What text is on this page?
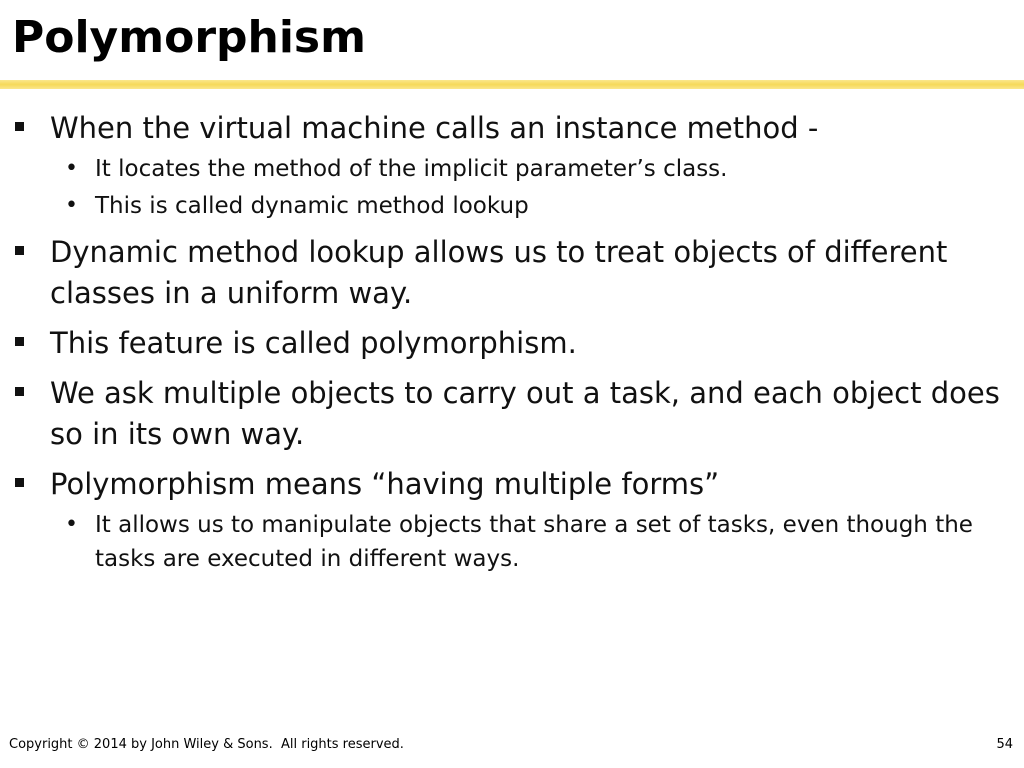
Polymorphism
When the virtual machine calls an instance method -
• It locates the method of the implicit parameter’s class.
• This is called dynamic method lookup
Dynamic method lookup allows us to treat objects of different classes in a uniform way.
This feature is called polymorphism.
We ask multiple objects to carry out a task, and each object does so in its own way.
Polymorphism means “having multiple forms”
• It allows us to manipulate objects that share a set of tasks, even though the tasks are executed in different ways.
Copyright © 2014 by John Wiley & Sons.  All rights reserved.	54
